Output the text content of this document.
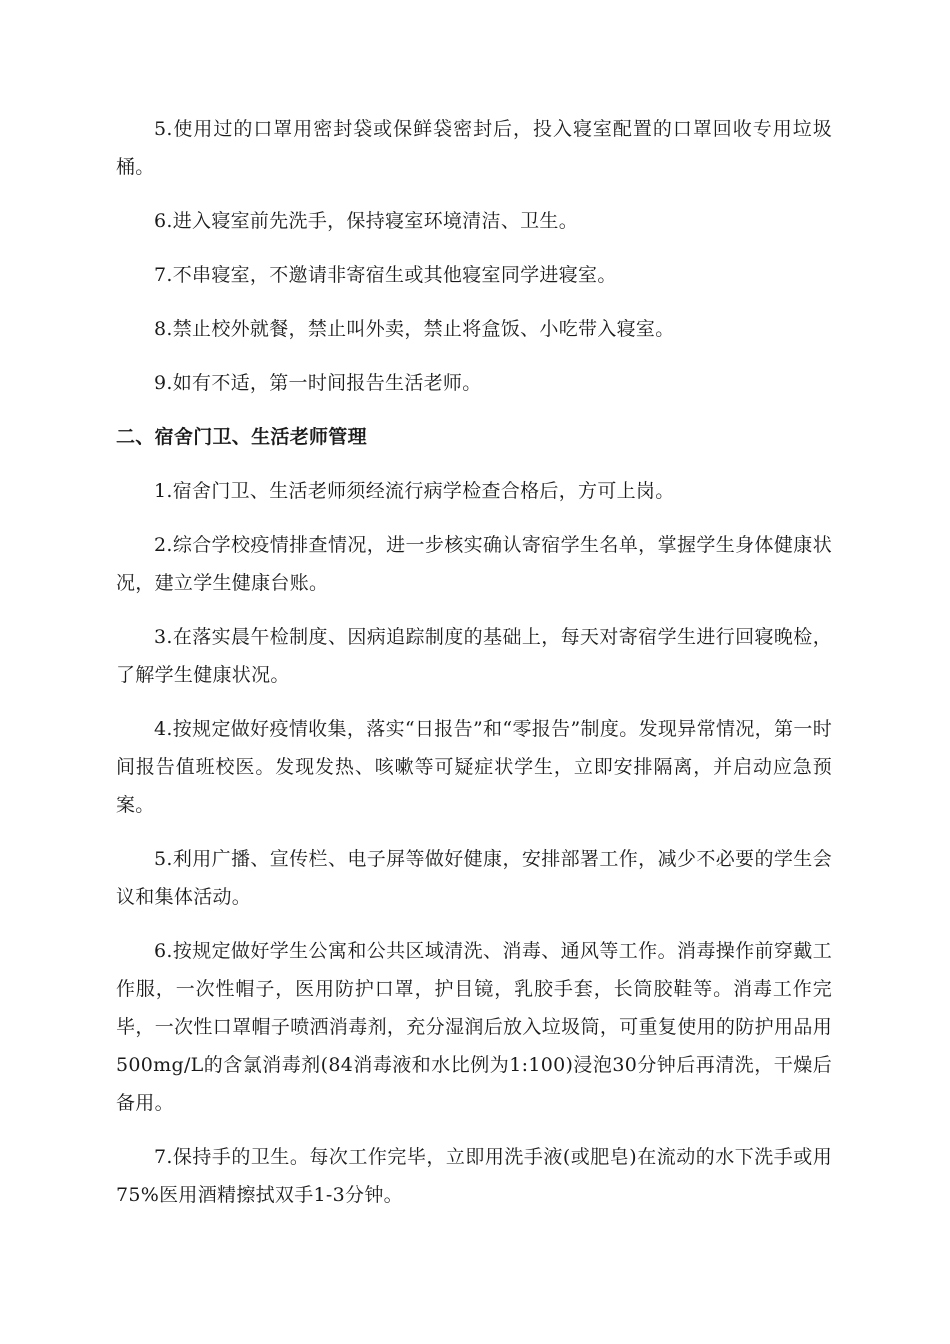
5.使用过的口罩用密封袋或保鲜袋密封后，投入寝室配置的口罩回收专用垃圾桶。

6.进入寝室前先洗手，保持寝室环境清洁、卫生。

7.不串寝室，不邀请非寄宿生或其他寝室同学进寝室。

8.禁止校外就餐，禁止叫外卖，禁止将盒饭、小吃带入寝室。

9.如有不适，第一时间报告生活老师。

二、宿舍门卫、生活老师管理

1.宿舍门卫、生活老师须经流行病学检查合格后，方可上岗。

2.综合学校疫情排查情况，进一步核实确认寄宿学生名单，掌握学生身体健康状况，建立学生健康台账。

3.在落实晨午检制度、因病追踪制度的基础上，每天对寄宿学生进行回寝晚检，了解学生健康状况。

4.按规定做好疫情收集，落实“日报告”和“零报告”制度。发现异常情况，第一时间报告值班校医。发现发热、咳嗽等可疑症状学生，立即安排隔离，并启动应急预案。

5.利用广播、宣传栏、电子屏等做好健康，安排部署工作，减少不必要的学生会议和集体活动。

6.按规定做好学生公寓和公共区域清洗、消毒、通风等工作。消毒操作前穿戴工作服，一次性帽子，医用防护口罩，护目镜，乳胶手套，长筒胶鞋等。消毒工作完毕，一次性口罩帽子喷洒消毒剂，充分湿润后放入垃圾筒，可重复使用的防护用品用500mg/L的含氯消毒剂(84消毒液和水比例为1:100)浸泡30分钟后再清洗，干燥后备用。

7.保持手的卫生。每次工作完毕，立即用洗手液(或肥皂)在流动的水下洗手或用75%医用酒精擦拭双手1-3分钟。
